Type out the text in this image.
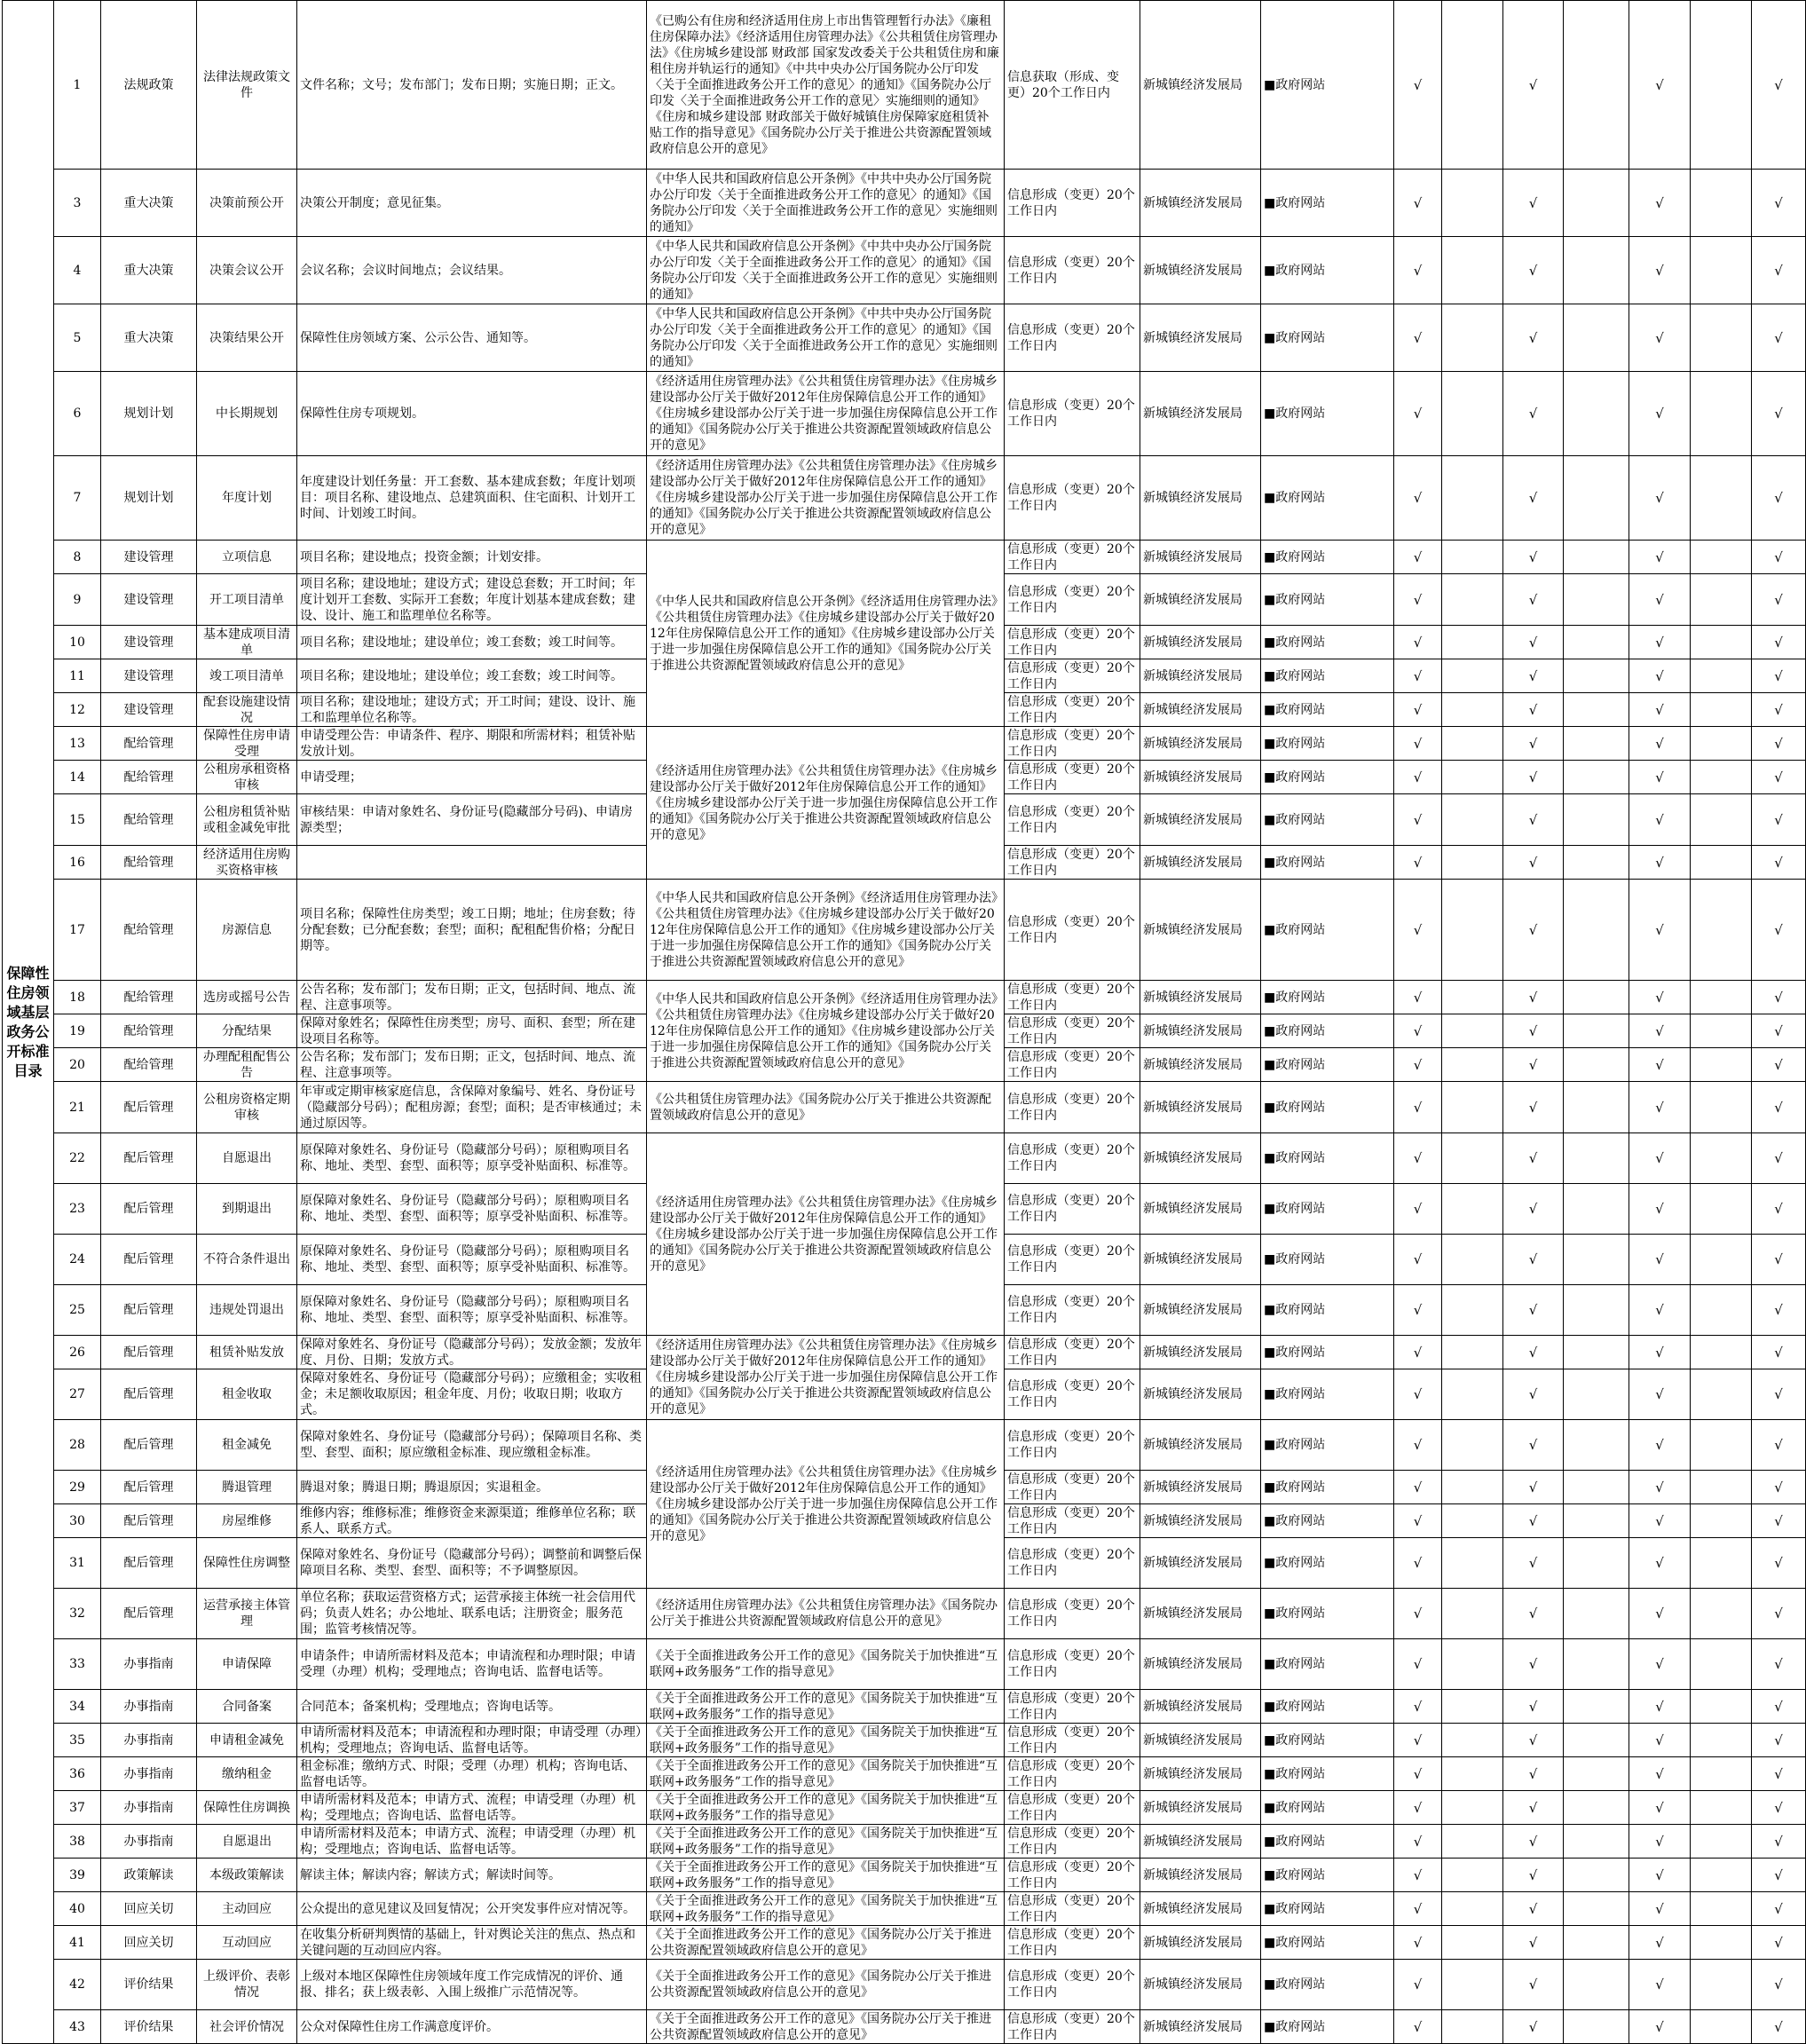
保障性住房领域基层政务公开标准目录	1	法规政策	法律法规政策文件	文件名称；文号；发布部门；发布日期；实施日期；正文。	《已购公有住房和经济适用住房上市出售管理暂行办法》《廉租住房保障办法》《经济适用住房管理办法》《公共租赁住房管理办法》《住房城乡建设部 财政部 国家发改委关于公共租赁住房和廉租住房并轨运行的通知》《中共中央办公厅国务院办公厅印发〈关于全面推进政务公开工作的意见〉的通知》《国务院办公厅印发〈关于全面推进政务公开工作的意见〉实施细则的通知》《住房和城乡建设部 财政部关于做好城镇住房保障家庭租赁补贴工作的指导意见》《国务院办公厅关于推进公共资源配置领域政府信息公开的意见》	信息获取（形成、变更）20个工作日内	新城镇经济发展局	■政府网站	√		√		√		√	
	3	重大决策	决策前预公开	决策公开制度；意见征集。	《中华人民共和国政府信息公开条例》《中共中央办公厅国务院办公厅印发〈关于全面推进政务公开工作的意见〉的通知》《国务院办公厅印发〈关于全面推进政务公开工作的意见〉实施细则的通知》	信息形成（变更）20个工作日内	新城镇经济发展局	■政府网站	√		√		√		√	
	4	重大决策	决策会议公开	会议名称；会议时间地点；会议结果。	《中华人民共和国政府信息公开条例》《中共中央办公厅国务院办公厅印发〈关于全面推进政务公开工作的意见〉的通知》《国务院办公厅印发〈关于全面推进政务公开工作的意见〉实施细则的通知》	信息形成（变更）20个工作日内	新城镇经济发展局	■政府网站	√		√		√		√	
	5	重大决策	决策结果公开	保障性住房领域方案、公示公告、通知等。	《中华人民共和国政府信息公开条例》《中共中央办公厅国务院办公厅印发〈关于全面推进政务公开工作的意见〉的通知》《国务院办公厅印发〈关于全面推进政务公开工作的意见〉实施细则的通知》	信息形成（变更）20个工作日内	新城镇经济发展局	■政府网站	√		√		√		√	
	6	规划计划	中长期规划	保障性住房专项规划。	《经济适用住房管理办法》《公共租赁住房管理办法》《住房城乡建设部办公厅关于做好2012年住房保障信息公开工作的通知》《住房城乡建设部办公厅关于进一步加强住房保障信息公开工作的通知》《国务院办公厅关于推进公共资源配置领域政府信息公开的意见》	信息形成（变更）20个工作日内	新城镇经济发展局	■政府网站	√		√		√		√	
	7	规划计划	年度计划	年度建设计划任务量：开工套数、基本建成套数；年度计划项目：项目名称、建设地点、总建筑面积、住宅面积、计划开工时间、计划竣工时间。	《经济适用住房管理办法》《公共租赁住房管理办法》《住房城乡建设部办公厅关于做好2012年住房保障信息公开工作的通知》《住房城乡建设部办公厅关于进一步加强住房保障信息公开工作的通知》《国务院办公厅关于推进公共资源配置领域政府信息公开的意见》	信息形成（变更）20个工作日内	新城镇经济发展局	■政府网站	√		√		√		√	
	8	建设管理	立项信息	项目名称；建设地点；投资金额；计划安排。	《中华人民共和国政府信息公开条例》《经济适用住房管理办法》《公共租赁住房管理办法》《住房城乡建设部办公厅关于做好2012年住房保障信息公开工作的通知》《住房城乡建设部办公厅关于进一步加强住房保障信息公开工作的通知》《国务院办公厅关于推进公共资源配置领域政府信息公开的意见》	信息形成（变更）20个工作日内	新城镇经济发展局	■政府网站	√		√		√		√	
	9	建设管理	开工项目清单	项目名称；建设地址；建设方式；建设总套数；开工时间；年度计划开工套数、实际开工套数；年度计划基本建成套数；建设、设计、施工和监理单位名称等。		信息形成（变更）20个工作日内	新城镇经济发展局	■政府网站	√		√		√		√	
	10	建设管理	基本建成项目清单	项目名称；建设地址；建设单位；竣工套数；竣工时间等。		信息形成（变更）20个工作日内	新城镇经济发展局	■政府网站	√		√		√		√	
	11	建设管理	竣工项目清单	项目名称；建设地址；建设单位；竣工套数；竣工时间等。		信息形成（变更）20个工作日内	新城镇经济发展局	■政府网站	√		√		√		√	
	12	建设管理	配套设施建设情况	项目名称；建设地址；建设方式；开工时间；建设、设计、施工和监理单位名称等。		信息形成（变更）20个工作日内	新城镇经济发展局	■政府网站	√		√		√		√	
	13	配给管理	保障性住房申请受理	申请受理公告：申请条件、程序、期限和所需材料；租赁补贴发放计划。	《经济适用住房管理办法》《公共租赁住房管理办法》《住房城乡建设部办公厅关于做好2012年住房保障信息公开工作的通知》《住房城乡建设部办公厅关于进一步加强住房保障信息公开工作的通知》《国务院办公厅关于推进公共资源配置领域政府信息公开的意见》	信息形成（变更）20个工作日内	新城镇经济发展局	■政府网站	√		√		√		√	
	14	配给管理	公租房承租资格审核	申请受理；		信息形成（变更）20个工作日内	新城镇经济发展局	■政府网站	√		√		√		√	
	15	配给管理	公租房租赁补贴或租金减免审批	审核结果：申请对象姓名、身份证号(隐藏部分号码)、申请房源类型；		信息形成（变更）20个工作日内	新城镇经济发展局	■政府网站	√		√		√		√	
	16	配给管理	经济适用住房购买资格审核			信息形成（变更）20个工作日内	新城镇经济发展局	■政府网站	√		√		√		√	
	17	配给管理	房源信息	项目名称；保障性住房类型；竣工日期；地址；住房套数；待分配套数；已分配套数；套型；面积；配租配售价格；分配日期等。	《中华人民共和国政府信息公开条例》《经济适用住房管理办法》《公共租赁住房管理办法》《住房城乡建设部办公厅关于做好2012年住房保障信息公开工作的通知》《住房城乡建设部办公厅关于进一步加强住房保障信息公开工作的通知》《国务院办公厅关于推进公共资源配置领域政府信息公开的意见》	信息形成（变更）20个工作日内	新城镇经济发展局	■政府网站	√		√		√		√	
	18	配给管理	选房或摇号公告	公告名称；发布部门；发布日期；正文，包括时间、地点、流程、注意事项等。	《中华人民共和国政府信息公开条例》《经济适用住房管理办法》《公共租赁住房管理办法》《住房城乡建设部办公厅关于做好2012年住房保障信息公开工作的通知》《住房城乡建设部办公厅关于进一步加强住房保障信息公开工作的通知》《国务院办公厅关于推进公共资源配置领域政府信息公开的意见》	信息形成（变更）20个工作日内	新城镇经济发展局	■政府网站	√		√		√		√	
	19	配给管理	分配结果	保障对象姓名；保障性住房类型；房号、面积、套型；所在建设项目名称等。		信息形成（变更）20个工作日内	新城镇经济发展局	■政府网站	√		√		√		√	
	20	配给管理	办理配租配售公告	公告名称；发布部门；发布日期；正文，包括时间、地点、流程、注意事项等。		信息形成（变更）20个工作日内	新城镇经济发展局	■政府网站	√		√		√		√	
	21	配后管理	公租房资格定期审核	年审或定期审核家庭信息，含保障对象编号、姓名、身份证号（隐藏部分号码）；配租房源；套型；面积；是否审核通过；未通过原因等。	《公共租赁住房管理办法》《国务院办公厅关于推进公共资源配置领域政府信息公开的意见》	信息形成（变更）20个工作日内	新城镇经济发展局	■政府网站	√		√		√		√	
	22	配后管理	自愿退出	原保障对象姓名、身份证号（隐藏部分号码）；原租购项目名称、地址、类型、套型、面积等；原享受补贴面积、标准等。	《经济适用住房管理办法》《公共租赁住房管理办法》《住房城乡建设部办公厅关于做好2012年住房保障信息公开工作的通知》《住房城乡建设部办公厅关于进一步加强住房保障信息公开工作的通知》《国务院办公厅关于推进公共资源配置领域政府信息公开的意见》	信息形成（变更）20个工作日内	新城镇经济发展局	■政府网站	√		√		√		√	
	23	配后管理	到期退出	原保障对象姓名、身份证号（隐藏部分号码）；原租购项目名称、地址、类型、套型、面积等；原享受补贴面积、标准等。		信息形成（变更）20个工作日内	新城镇经济发展局	■政府网站	√		√		√		√	
	24	配后管理	不符合条件退出	原保障对象姓名、身份证号（隐藏部分号码）；原租购项目名称、地址、类型、套型、面积等；原享受补贴面积、标准等。		信息形成（变更）20个工作日内	新城镇经济发展局	■政府网站	√		√		√		√	
	25	配后管理	违规处罚退出	原保障对象姓名、身份证号（隐藏部分号码）；原租购项目名称、地址、类型、套型、面积等；原享受补贴面积、标准等。		信息形成（变更）20个工作日内	新城镇经济发展局	■政府网站	√		√		√		√	
	26	配后管理	租赁补贴发放	保障对象姓名、身份证号（隐藏部分号码）；发放金额；发放年度、月份、日期；发放方式。	《经济适用住房管理办法》《公共租赁住房管理办法》《住房城乡建设部办公厅关于做好2012年住房保障信息公开工作的通知》《住房城乡建设部办公厅关于进一步加强住房保障信息公开工作的通知》《国务院办公厅关于推进公共资源配置领域政府信息公开的意见》	信息形成（变更）20个工作日内	新城镇经济发展局	■政府网站	√		√		√		√	
	27	配后管理	租金收取	保障对象姓名、身份证号（隐藏部分号码）；应缴租金；实收租金；未足额收取原因；租金年度、月份；收取日期；收取方式。		信息形成（变更）20个工作日内	新城镇经济发展局	■政府网站	√		√		√		√	
	28	配后管理	租金减免	保障对象姓名、身份证号（隐藏部分号码）；保障项目名称、类型、套型、面积；原应缴租金标准、现应缴租金标准。	《经济适用住房管理办法》《公共租赁住房管理办法》《住房城乡建设部办公厅关于做好2012年住房保障信息公开工作的通知》《住房城乡建设部办公厅关于进一步加强住房保障信息公开工作的通知》《国务院办公厅关于推进公共资源配置领域政府信息公开的意见》	信息形成（变更）20个工作日内	新城镇经济发展局	■政府网站	√		√		√		√	
	29	配后管理	腾退管理	腾退对象；腾退日期；腾退原因；实退租金。		信息形成（变更）20个工作日内	新城镇经济发展局	■政府网站	√		√		√		√	
	30	配后管理	房屋维修	维修内容；维修标准；维修资金来源渠道；维修单位名称；联系人、联系方式。		信息形成（变更）20个工作日内	新城镇经济发展局	■政府网站	√		√		√		√	
	31	配后管理	保障性住房调整	保障对象姓名、身份证号（隐藏部分号码）；调整前和调整后保障项目名称、类型、套型、面积等；不予调整原因。		信息形成（变更）20个工作日内	新城镇经济发展局	■政府网站	√		√		√		√	
	32	配后管理	运营承接主体管理	单位名称；获取运营资格方式；运营承接主体统一社会信用代码；负责人姓名；办公地址、联系电话；注册资金；服务范围；监管考核情况等。	《经济适用住房管理办法》《公共租赁住房管理办法》《国务院办公厅关于推进公共资源配置领域政府信息公开的意见》	信息形成（变更）20个工作日内	新城镇经济发展局	■政府网站	√		√		√		√	
	33	办事指南	申请保障	申请条件；申请所需材料及范本；申请流程和办理时限；申请受理（办理）机构；受理地点；咨询电话、监督电话等。	《关于全面推进政务公开工作的意见》《国务院关于加快推进“互联网+政务服务”工作的指导意见》	信息形成（变更）20个工作日内	新城镇经济发展局	■政府网站	√		√		√		√	
	34	办事指南	合同备案	合同范本；备案机构；受理地点；咨询电话等。	《关于全面推进政务公开工作的意见》《国务院关于加快推进“互联网+政务服务”工作的指导意见》	信息形成（变更）20个工作日内	新城镇经济发展局	■政府网站	√		√		√		√	
	35	办事指南	申请租金减免	申请所需材料及范本；申请流程和办理时限；申请受理（办理）机构；受理地点；咨询电话、监督电话等。	《关于全面推进政务公开工作的意见》《国务院关于加快推进“互联网+政务服务”工作的指导意见》	信息形成（变更）20个工作日内	新城镇经济发展局	■政府网站	√		√		√		√	
	36	办事指南	缴纳租金	租金标准；缴纳方式、时限；受理（办理）机构；咨询电话、监督电话等。	《关于全面推进政务公开工作的意见》《国务院关于加快推进“互联网+政务服务”工作的指导意见》	信息形成（变更）20个工作日内	新城镇经济发展局	■政府网站	√		√		√		√	
	37	办事指南	保障性住房调换	申请所需材料及范本；申请方式、流程；申请受理（办理）机构；受理地点；咨询电话、监督电话等。	《关于全面推进政务公开工作的意见》《国务院关于加快推进“互联网+政务服务”工作的指导意见》	信息形成（变更）20个工作日内	新城镇经济发展局	■政府网站	√		√		√		√	
	38	办事指南	自愿退出	申请所需材料及范本；申请方式、流程；申请受理（办理）机构；受理地点；咨询电话、监督电话等。	《关于全面推进政务公开工作的意见》《国务院关于加快推进“互联网+政务服务”工作的指导意见》	信息形成（变更）20个工作日内	新城镇经济发展局	■政府网站	√		√		√		√	
	39	政策解读	本级政策解读	解读主体；解读内容；解读方式；解读时间等。	《关于全面推进政务公开工作的意见》《国务院关于加快推进“互联网+政务服务”工作的指导意见》	信息形成（变更）20个工作日内	新城镇经济发展局	■政府网站	√		√		√		√	
	40	回应关切	主动回应	公众提出的意见建议及回复情况；公开突发事件应对情况等。	《关于全面推进政务公开工作的意见》《国务院关于加快推进“互联网+政务服务”工作的指导意见》	信息形成（变更）20个工作日内	新城镇经济发展局	■政府网站	√		√		√		√	
	41	回应关切	互动回应	在收集分析研判舆情的基础上，针对舆论关注的焦点、热点和关键问题的互动回应内容。	《关于全面推进政务公开工作的意见》《国务院办公厅关于推进公共资源配置领域政府信息公开的意见》	信息形成（变更）20个工作日内	新城镇经济发展局	■政府网站	√		√		√		√	
	42	评价结果	上级评价、表彰情况	上级对本地区保障性住房领域年度工作完成情况的评价、通报、排名；获上级表彰、入围上级推广示范情况等。	《关于全面推进政务公开工作的意见》《国务院办公厅关于推进公共资源配置领域政府信息公开的意见》	信息形成（变更）20个工作日内	新城镇经济发展局	■政府网站	√		√		√		√	
	43	评价结果	社会评价情况	公众对保障性住房工作满意度评价。	《关于全面推进政务公开工作的意见》《国务院办公厅关于推进公共资源配置领域政府信息公开的意见》	信息形成（变更）20个工作日内	新城镇经济发展局	■政府网站	√		√		√		√	
